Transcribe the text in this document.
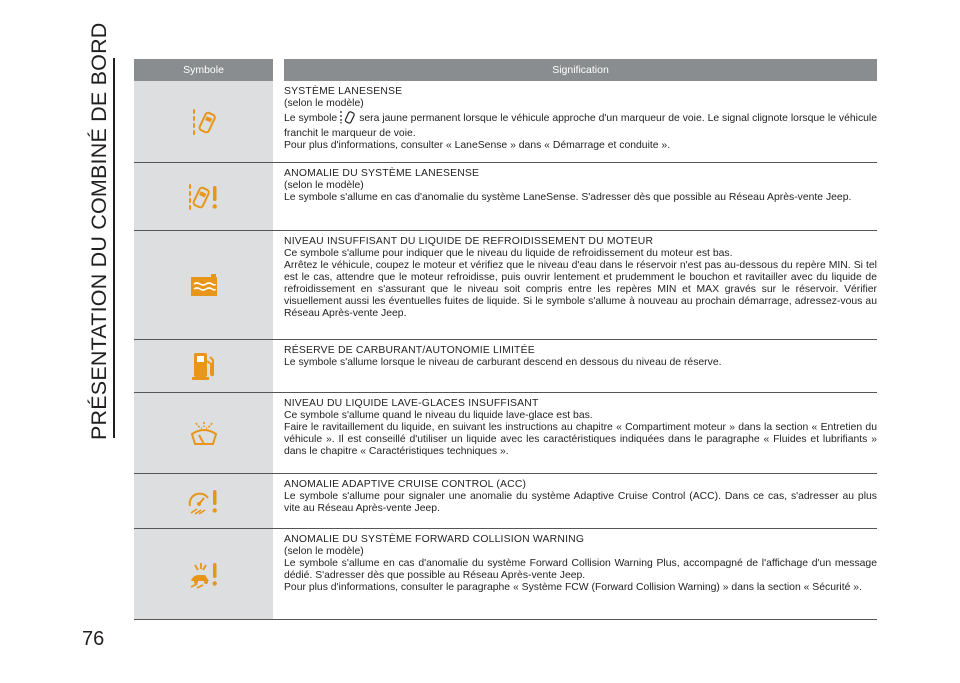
PRÉSENTATION DU COMBINÉ DE BORD	Symbole	Signification
SYSTÈME LANESENSE
(selon le modèle)
Le symbole sera jaune permanent lorsque le véhicule approche d'un marqueur de voie. Le signal clignote lorsque le véhicule franchit le marqueur de voie.
Pour plus d'informations, consulter « LaneSense » dans « Démarrage et conduite ».
ANOMALIE DU SYSTÈME LANESENSE
(selon le modèle)
Le symbole s'allume en cas d'anomalie du système LaneSense. S'adresser dès que possible au Réseau Après-vente Jeep.
NIVEAU INSUFFISANT DU LIQUIDE DE REFROIDISSEMENT DU MOTEUR
Ce symbole s'allume pour indiquer que le niveau du liquide de refroidissement du moteur est bas.
Arrêtez le véhicule, coupez le moteur et vérifiez que le niveau d'eau dans le réservoir n'est pas au-dessous du repère MIN. Si tel est le cas, attendre que le moteur refroidisse, puis ouvrir lentement et prudemment le bouchon et ravitailler avec du liquide de refroidissement en s'assurant que le niveau soit compris entre les repères MIN et MAX gravés sur le réservoir. Vérifier visuellement aussi les éventuelles fuites de liquide. Si le symbole s'allume à nouveau au prochain démarrage, adressez-vous au Réseau Après-vente Jeep.
RÉSERVE DE CARBURANT/AUTONOMIE LIMITÉE
Le symbole s'allume lorsque le niveau de carburant descend en dessous du niveau de réserve.
NIVEAU DU LIQUIDE LAVE-GLACES INSUFFISANT
Ce symbole s'allume quand le niveau du liquide lave-glace est bas.
Faire le ravitaillement du liquide, en suivant les instructions au chapitre « Compartiment moteur » dans la section « Entretien du véhicule ». Il est conseillé d'utiliser un liquide avec les caractéristiques indiquées dans le paragraphe « Fluides et lubrifiants » dans le chapitre « Caractéristiques techniques ».
ANOMALIE ADAPTIVE CRUISE CONTROL (ACC)
Le symbole s'allume pour signaler une anomalie du système Adaptive Cruise Control (ACC). Dans ce cas, s'adresser au plus vite au Réseau Après-vente Jeep.
ANOMALIE DU SYSTÈME FORWARD COLLISION WARNING
(selon le modèle)
Le symbole s'allume en cas d'anomalie du système Forward Collision Warning Plus, accompagné de l'affichage d'un message dédié. S'adresser dès que possible au Réseau Après-vente Jeep.
Pour plus d'informations, consulter le paragraphe « Système FCW (Forward Collision Warning) » dans la section « Sécurité ».
76
